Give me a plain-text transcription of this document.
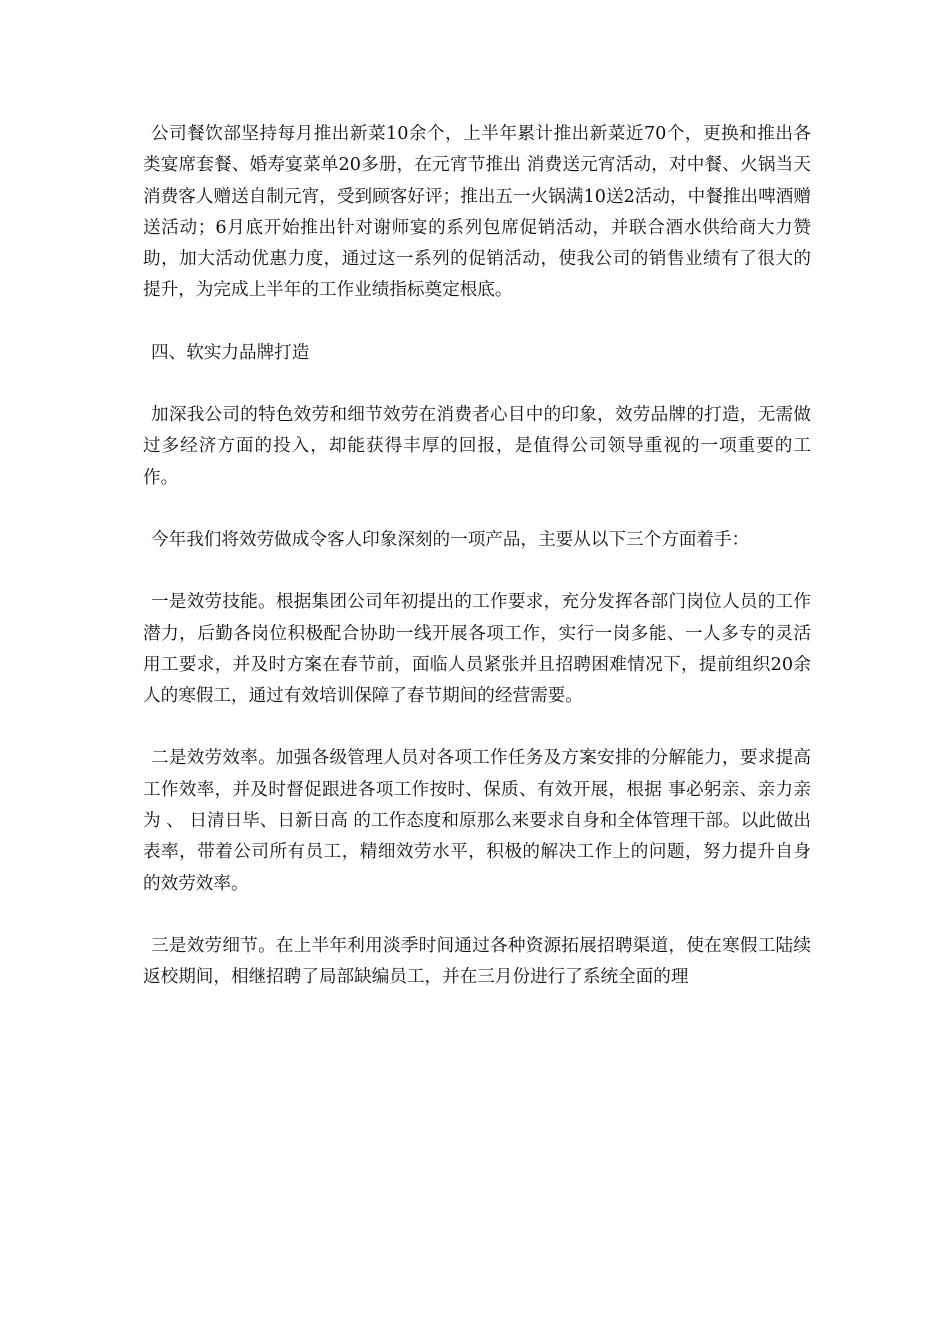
公司餐饮部坚持每月推出新菜10余个，上半年累计推出新菜近70个，更换和推出各类宴席套餐、婚寿宴菜单20多册，在元宵节推出 消费送元宵活动，对中餐、火锅当天消费客人赠送自制元宵，受到顾客好评；推出五一火锅满10送2活动，中餐推出啤酒赠送活动；6月底开始推出针对谢师宴的系列包席促销活动，并联合酒水供给商大力赞助，加大活动优惠力度，通过这一系列的促销活动，使我公司的销售业绩有了很大的提升，为完成上半年的工作业绩指标奠定根底。

四、软实力品牌打造

加深我公司的特色效劳和细节效劳在消费者心目中的印象，效劳品牌的打造，无需做过多经济方面的投入，却能获得丰厚的回报，是值得公司领导重视的一项重要的工作。

今年我们将效劳做成令客人印象深刻的一项产品，主要从以下三个方面着手：

一是效劳技能。根据集团公司年初提出的工作要求，充分发挥各部门岗位人员的工作潜力，后勤各岗位积极配合协助一线开展各项工作，实行一岗多能、一人多专的灵活用工要求，并及时方案在春节前，面临人员紧张并且招聘困难情况下，提前组织20余人的寒假工，通过有效培训保障了春节期间的经营需要。

二是效劳效率。加强各级管理人员对各项工作任务及方案安排的分解能力，要求提高工作效率，并及时督促跟进各项工作按时、保质、有效开展，根据 事必躬亲、亲力亲为 、 日清日毕、日新日高 的工作态度和原那么来要求自身和全体管理干部。以此做出表率，带着公司所有员工，精细效劳水平，积极的解决工作上的问题，努力提升自身的效劳效率。

三是效劳细节。在上半年利用淡季时间通过各种资源拓展招聘渠道，使在寒假工陆续返校期间，相继招聘了局部缺编员工，并在三月份进行了系统全面的理
